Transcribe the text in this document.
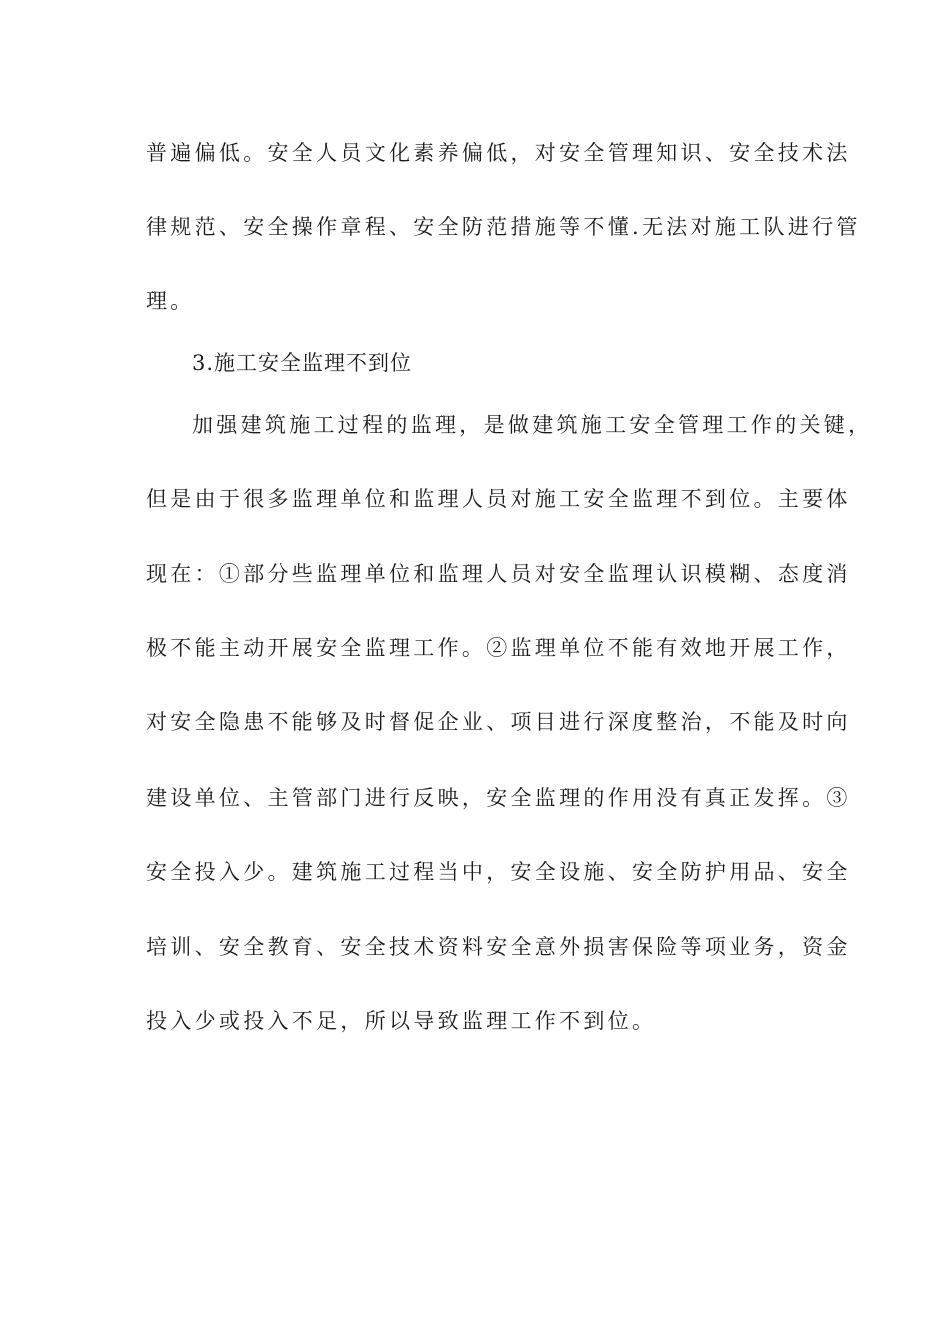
普遍偏低。安全人员文化素养偏低，对安全管理知识、安全技术法
律规范、安全操作章程、安全防范措施等不懂.无法对施工队进行管
理。
3.施工安全监理不到位
加强建筑施工过程的监理，是做建筑施工安全管理工作的关键，
但是由于很多监理单位和监理人员对施工安全监理不到位。主要体
现在：①部分些监理单位和监理人员对安全监理认识模糊、态度消
极不能主动开展安全监理工作。②监理单位不能有效地开展工作，
对安全隐患不能够及时督促企业、项目进行深度整治，不能及时向
建设单位、主管部门进行反映，安全监理的作用没有真正发挥。③
安全投入少。建筑施工过程当中，安全设施、安全防护用品、安全
培训、安全教育、安全技术资料安全意外损害保险等项业务，资金
投入少或投入不足，所以导致监理工作不到位。
